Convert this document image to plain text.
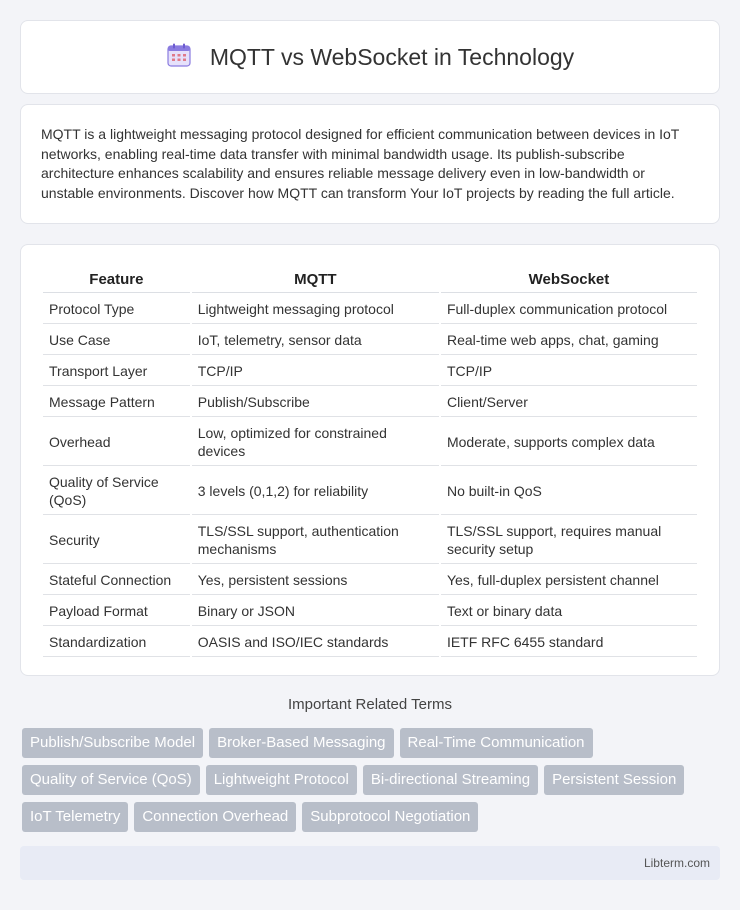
MQTT vs WebSocket in Technology

MQTT is a lightweight messaging protocol designed for efficient communication between devices in IoT networks, enabling real-time data transfer with minimal bandwidth usage. Its publish-subscribe architecture enhances scalability and ensures reliable message delivery even in low-bandwidth or unstable environments. Discover how MQTT can transform Your IoT projects by reading the full article.

Feature	MQTT	WebSocket
Protocol Type	Lightweight messaging protocol	Full-duplex communication protocol
Use Case	IoT, telemetry, sensor data	Real-time web apps, chat, gaming
Transport Layer	TCP/IP	TCP/IP
Message Pattern	Publish/Subscribe	Client/Server
Overhead	Low, optimized for constrained devices	Moderate, supports complex data
Quality of Service (QoS)	3 levels (0,1,2) for reliability	No built-in QoS
Security	TLS/SSL support, authentication mechanisms	TLS/SSL support, requires manual security setup
Stateful Connection	Yes, persistent sessions	Yes, full-duplex persistent channel
Payload Format	Binary or JSON	Text or binary data
Standardization	OASIS and ISO/IEC standards	IETF RFC 6455 standard
Important Related Terms
Publish/Subscribe Model	Broker-Based Messaging	Real-Time Communication
Quality of Service (QoS)	Lightweight Protocol	Bi-directional Streaming	Persistent Session
IoT Telemetry	Connection Overhead	Subprotocol Negotiation
Libterm.com
